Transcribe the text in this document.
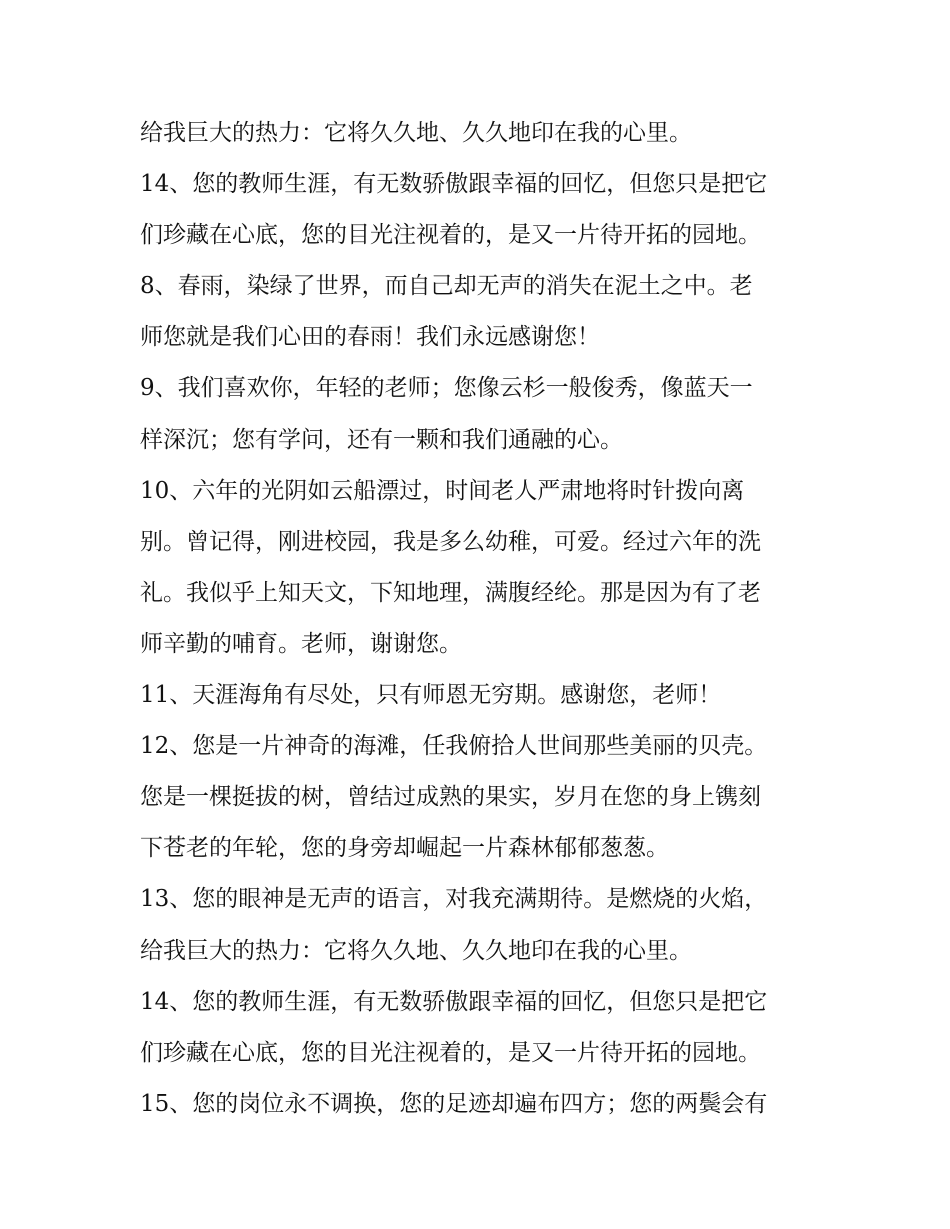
给我巨大的热力：它将久久地、久久地印在我的心里。
14、您的教师生涯，有无数骄傲跟幸福的回忆，但您只是把它
们珍藏在心底，您的目光注视着的，是又一片待开拓的园地。
8、春雨，染绿了世界，而自己却无声的消失在泥土之中。老
师您就是我们心田的春雨！我们永远感谢您！
9、我们喜欢你，年轻的老师；您像云杉一般俊秀，像蓝天一
样深沉；您有学问，还有一颗和我们通融的心。
10、六年的光阴如云船漂过，时间老人严肃地将时针拨向离
别。曾记得，刚进校园，我是多么幼稚，可爱。经过六年的洗
礼。我似乎上知天文，下知地理，满腹经纶。那是因为有了老
师辛勤的哺育。老师，谢谢您。
11、天涯海角有尽处，只有师恩无穷期。感谢您，老师！
12、您是一片神奇的海滩，任我俯拾人世间那些美丽的贝壳。
您是一棵挺拔的树，曾结过成熟的果实，岁月在您的身上镌刻
下苍老的年轮，您的身旁却崛起一片森林郁郁葱葱。
13、您的眼神是无声的语言，对我充满期待。是燃烧的火焰，
给我巨大的热力：它将久久地、久久地印在我的心里。
14、您的教师生涯，有无数骄傲跟幸福的回忆，但您只是把它
们珍藏在心底，您的目光注视着的，是又一片待开拓的园地。
15、您的岗位永不调换，您的足迹却遍布四方；您的两鬓会有
